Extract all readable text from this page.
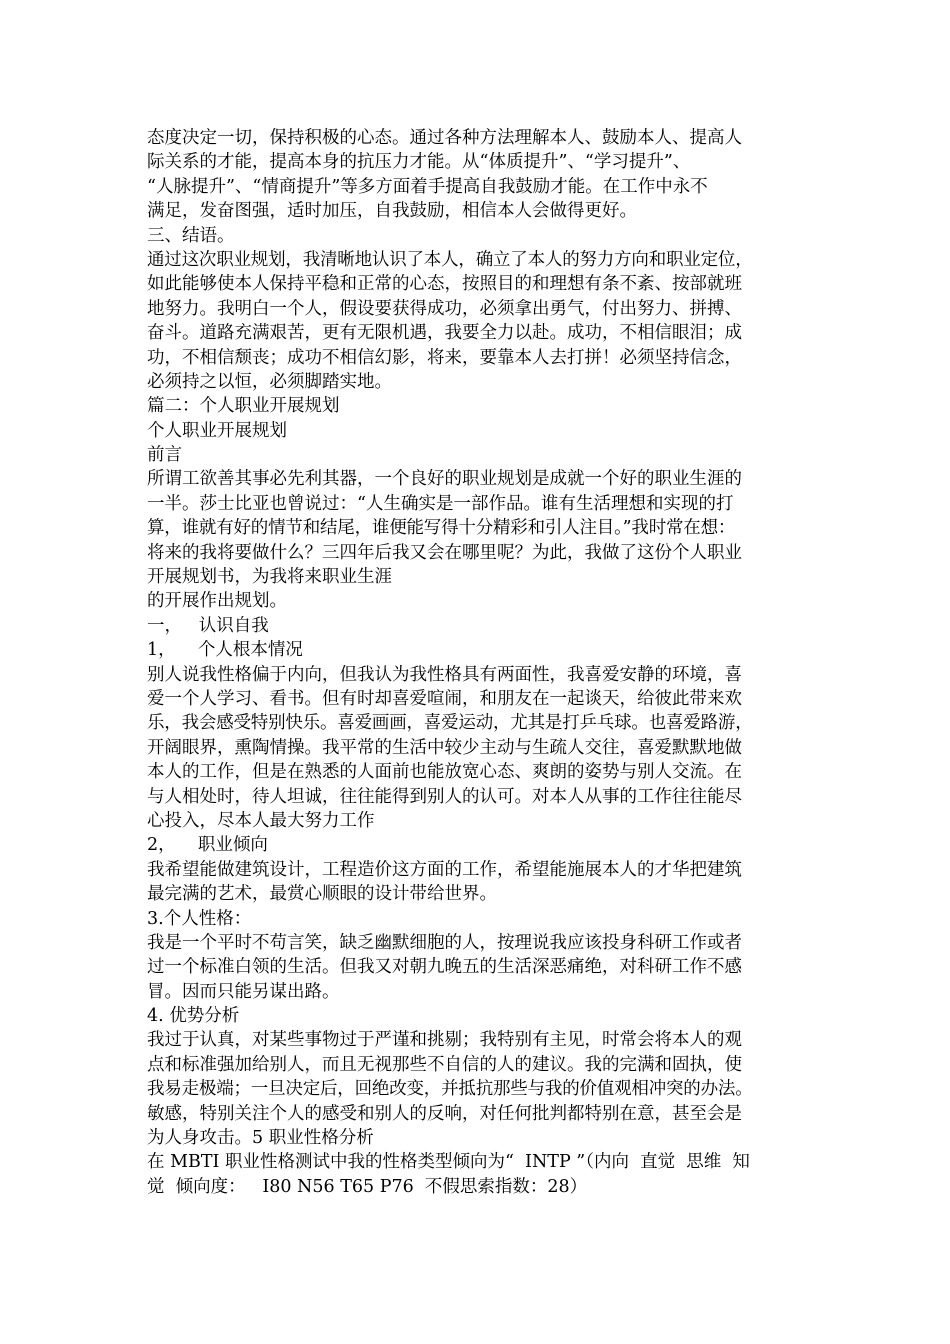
态度决定一切，保持积极的心态。通过各种方法理解本人、鼓励本人、提高人
际关系的才能，提高本身的抗压力才能。从“体质提升”、“学习提升”、
“人脉提升”、“情商提升”等多方面着手提高自我鼓励才能。在工作中永不
满足，发奋图强，适时加压，自我鼓励，相信本人会做得更好。
三、结语。
通过这次职业规划，我清晰地认识了本人，确立了本人的努力方向和职业定位，
如此能够使本人保持平稳和正常的心态，按照目的和理想有条不紊、按部就班
地努力。我明白一个人，假设要获得成功，必须拿出勇气，付出努力、拼搏、
奋斗。道路充满艰苦，更有无限机遇，我要全力以赴。成功，不相信眼泪；成
功，不相信颓丧；成功不相信幻影，将来，要靠本人去打拼！必须坚持信念，
必须持之以恒，必须脚踏实地。
篇二：个人职业开展规划
个人职业开展规划
前言
所谓工欲善其事必先利其器，一个良好的职业规划是成就一个好的职业生涯的
一半。莎士比亚也曾说过：“人生确实是一部作品。谁有生活理想和实现的打
算，谁就有好的情节和结尾，谁便能写得十分精彩和引人注目。”我时常在想：
将来的我将要做什么？三四年后我又会在哪里呢？为此，我做了这份个人职业
开展规划书，为我将来职业生涯
的开展作出规划。
一，   认识自我
1，    个人根本情况
别人说我性格偏于内向，但我认为我性格具有两面性，我喜爱安静的环境，喜
爱一个人学习、看书。但有时却喜爱喧闹，和朋友在一起谈天，给彼此带来欢
乐，我会感受特别快乐。喜爱画画，喜爱运动，尤其是打乒乓球。也喜爱路游，
开阔眼界，熏陶情操。我平常的生活中较少主动与生疏人交往，喜爱默默地做
本人的工作，但是在熟悉的人面前也能放宽心态、爽朗的姿势与别人交流。在
与人相处时，待人坦诚，往往能得到别人的认可。对本人从事的工作往往能尽
心投入，尽本人最大努力工作
2，    职业倾向
我希望能做建筑设计，工程造价这方面的工作，希望能施展本人的才华把建筑
最完满的艺术，最赏心顺眼的设计带给世界。
3.个人性格：
我是一个平时不苟言笑，缺乏幽默细胞的人，按理说我应该投身科研工作或者
过一个标准白领的生活。但我又对朝九晚五的生活深恶痛绝，对科研工作不感
冒。因而只能另谋出路。
4. 优势分析
我过于认真，对某些事物过于严谨和挑剔；我特别有主见，时常会将本人的观
点和标准强加给别人，而且无视那些不自信的人的建议。我的完满和固执，使
我易走极端；一旦决定后，回绝改变，并抵抗那些与我的价值观相冲突的办法。
敏感，特别关注个人的感受和别人的反响，对任何批判都特别在意，甚至会是
为人身攻击。5 职业性格分析
在 MBTI 职业性格测试中我的性格类型倾向为“  INTP ”（内向  直觉  思维  知
觉  倾向度：   I80 N56 T65 P76  不假思索指数：28）
